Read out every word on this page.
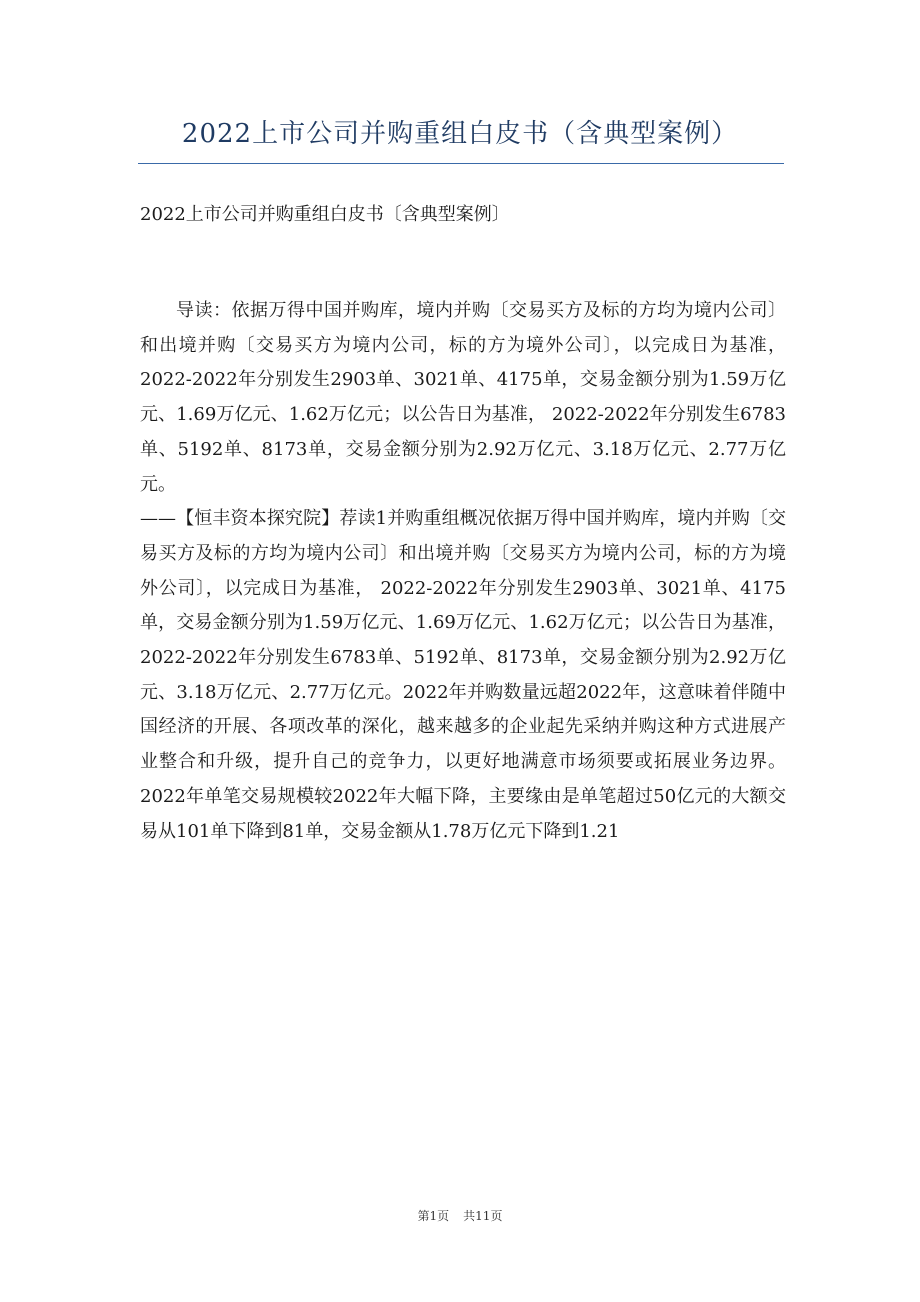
2022上市公司并购重组白皮书（含典型案例）

2022上市公司并购重组白皮书〔含典型案例〕

导读：依据万得中国并购库，境内并购〔交易买方及标的方均为境内公司〕和出境并购〔交易买方为境内公司，标的方为境外公司〕，以完成日为基准，2022-2022年分别发生2903单、3021单、4175单，交易金额分别为1.59万亿元、1.69万亿元、1.62万亿元；以公告日为基准， 2022-2022年分别发生6783单、5192单、8173单，交易金额分别为2.92万亿元、3.18万亿元、2.77万亿元。

——【恒丰资本探究院】荐读1并购重组概况依据万得中国并购库，境内并购〔交易买方及标的方均为境内公司〕和出境并购〔交易买方为境内公司，标的方为境外公司〕，以完成日为基准， 2022-2022年分别发生2903单、3021单、4175单，交易金额分别为1.59万亿元、1.69万亿元、1.62万亿元；以公告日为基准， 2022-2022年分别发生6783单、5192单、8173单，交易金额分别为2.92万亿元、3.18万亿元、2.77万亿元。2022年并购数量远超2022年，这意味着伴随中国经济的开展、各项改革的深化，越来越多的企业起先采纳并购这种方式进展产业整合和升级，提升自己的竞争力，以更好地满意市场须要或拓展业务边界。2022年单笔交易规模较2022年大幅下降，主要缘由是单笔超过50亿元的大额交易从101单下降到81单，交易金额从1.78万亿元下降到1.21

第1页 共11页
